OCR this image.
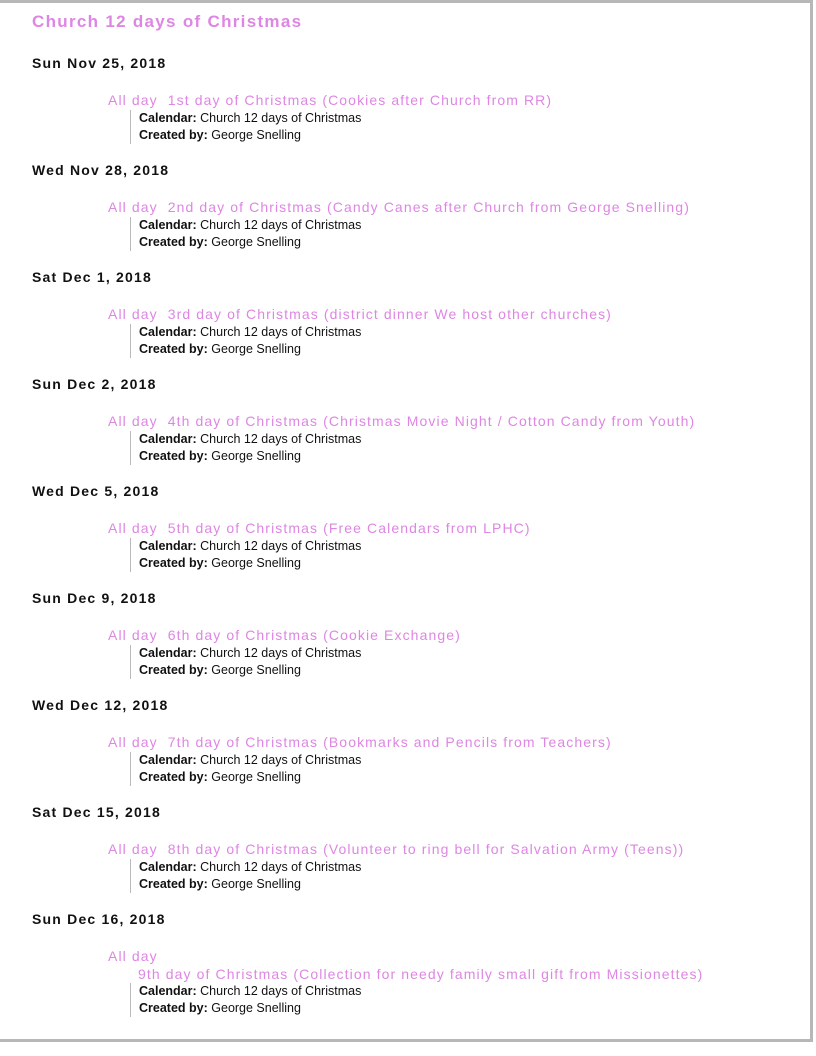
Church 12 days of Christmas
Sun Nov 25, 2018
All day 1st day of Christmas (Cookies after Church from RR)
Calendar: Church 12 days of Christmas
Created by: George Snelling
Wed Nov 28, 2018
All day 2nd day of Christmas (Candy Canes after Church from George Snelling)
Calendar: Church 12 days of Christmas
Created by: George Snelling
Sat Dec 1, 2018
All day 3rd day of Christmas (district dinner We host other churches)
Calendar: Church 12 days of Christmas
Created by: George Snelling
Sun Dec 2, 2018
All day 4th day of Christmas (Christmas Movie Night / Cotton Candy from Youth)
Calendar: Church 12 days of Christmas
Created by: George Snelling
Wed Dec 5, 2018
All day 5th day of Christmas (Free Calendars from LPHC)
Calendar: Church 12 days of Christmas
Created by: George Snelling
Sun Dec 9, 2018
All day 6th day of Christmas (Cookie Exchange)
Calendar: Church 12 days of Christmas
Created by: George Snelling
Wed Dec 12, 2018
All day 7th day of Christmas (Bookmarks and Pencils from Teachers)
Calendar: Church 12 days of Christmas
Created by: George Snelling
Sat Dec 15, 2018
All day 8th day of Christmas (Volunteer to ring bell for Salvation Army (Teens))
Calendar: Church 12 days of Christmas
Created by: George Snelling
Sun Dec 16, 2018
All day
9th day of Christmas (Collection for needy family small gift from Missionettes)
Calendar: Church 12 days of Christmas
Created by: George Snelling
